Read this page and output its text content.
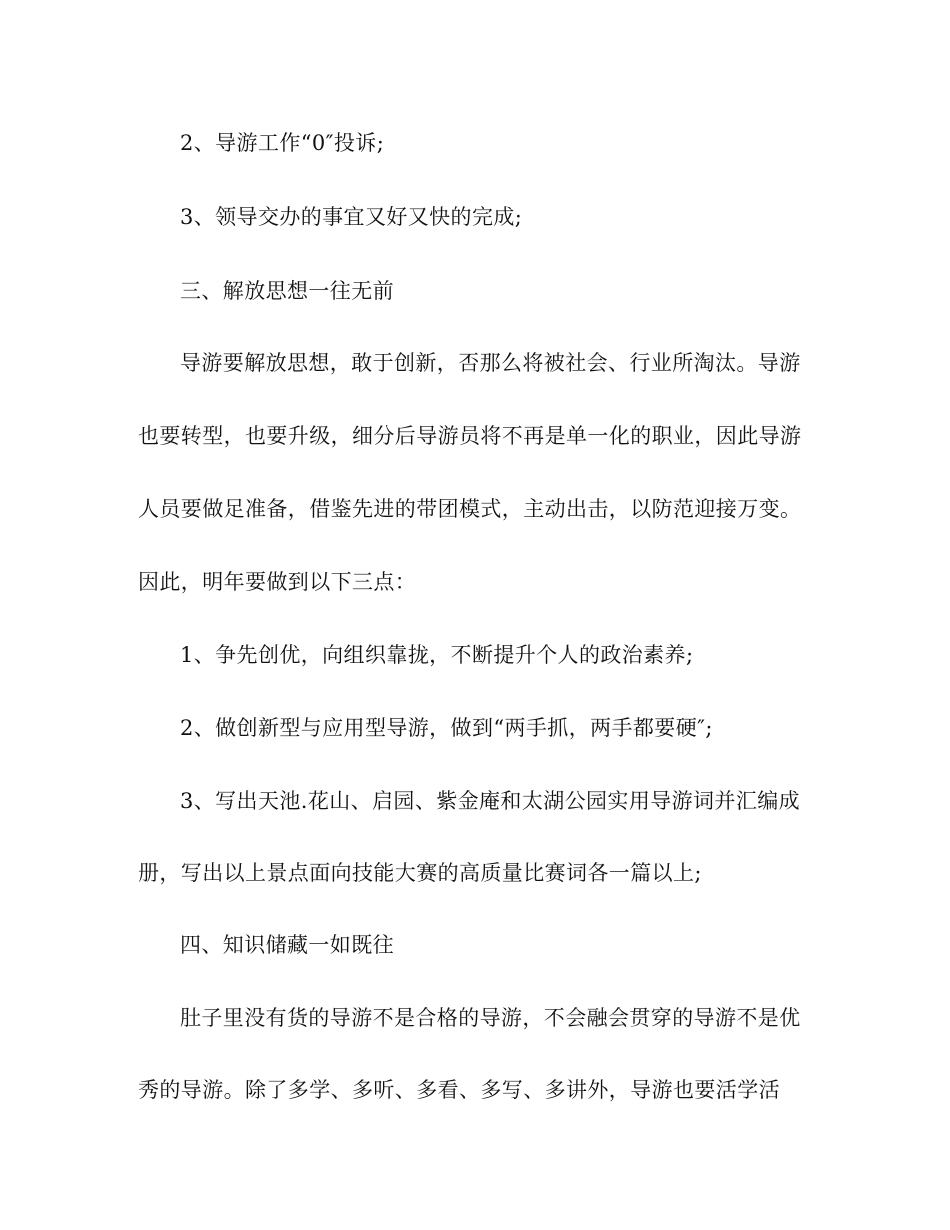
2、导游工作“0″投诉;
3、领导交办的事宜又好又快的完成;
三、解放思想一往无前
导游要解放思想，敢于创新，否那么将被社会、行业所淘汰。导游
也要转型，也要升级，细分后导游员将不再是单一化的职业，因此导游
人员要做足准备，借鉴先进的带团模式，主动出击，以防范迎接万变。
因此，明年要做到以下三点：
1、争先创优，向组织靠拢，不断提升个人的政治素养;
2、做创新型与应用型导游，做到“两手抓，两手都要硬″;
3、写出天池.花山、启园、紫金庵和太湖公园实用导游词并汇编成
册，写出以上景点面向技能大赛的高质量比赛词各一篇以上;
四、知识储藏一如既往
肚子里没有货的导游不是合格的导游，不会融会贯穿的导游不是优
秀的导游。除了多学、多听、多看、多写、多讲外，导游也要活学活
